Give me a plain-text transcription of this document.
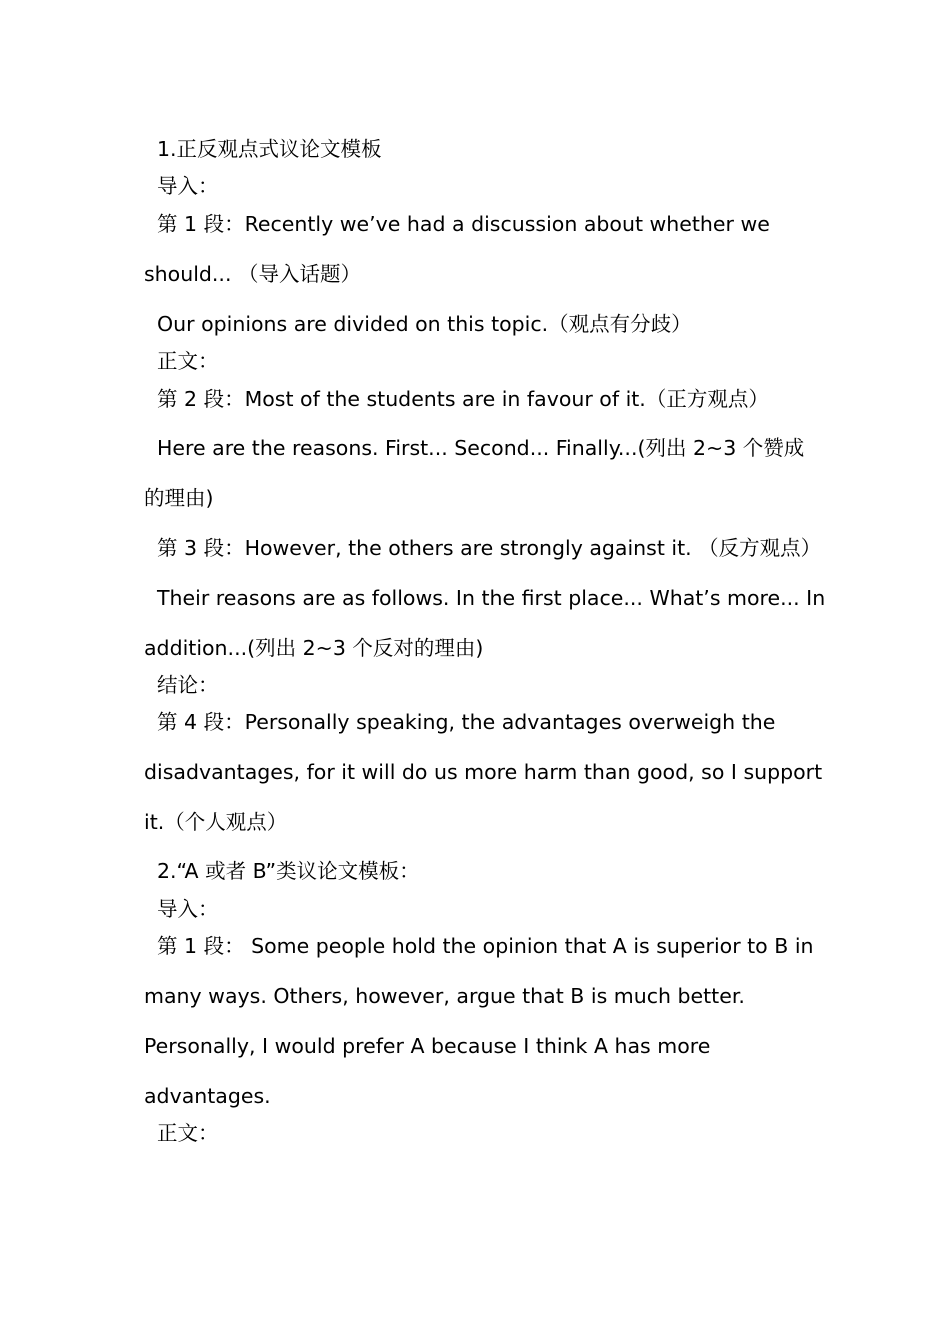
1.正反观点式议论文模板
导入：
第 1 段：Recently we’ve had a discussion about whether we
should... （导入话题）
Our opinions are divided on this topic.（观点有分歧）
正文：
第 2 段：Most of the students are in favour of it.（正方观点）
Here are the reasons. First... Second... Finally...(列出 2~3 个赞成
的理由)
第 3 段：However, the others are strongly against it. （反方观点）
Their reasons are as follows. In the first place... What’s more... In
addition...(列出 2~3 个反对的理由)
结论：
第 4 段：Personally speaking, the advantages overweigh the
disadvantages, for it will do us more harm than good, so I support
it.（个人观点）
2.“A 或者 B”类议论文模板：
导入：
第 1 段： Some people hold the opinion that A is superior to B in
many ways. Others, however, argue that B is much better.
Personally, I would prefer A because I think A has more
advantages.
正文：
